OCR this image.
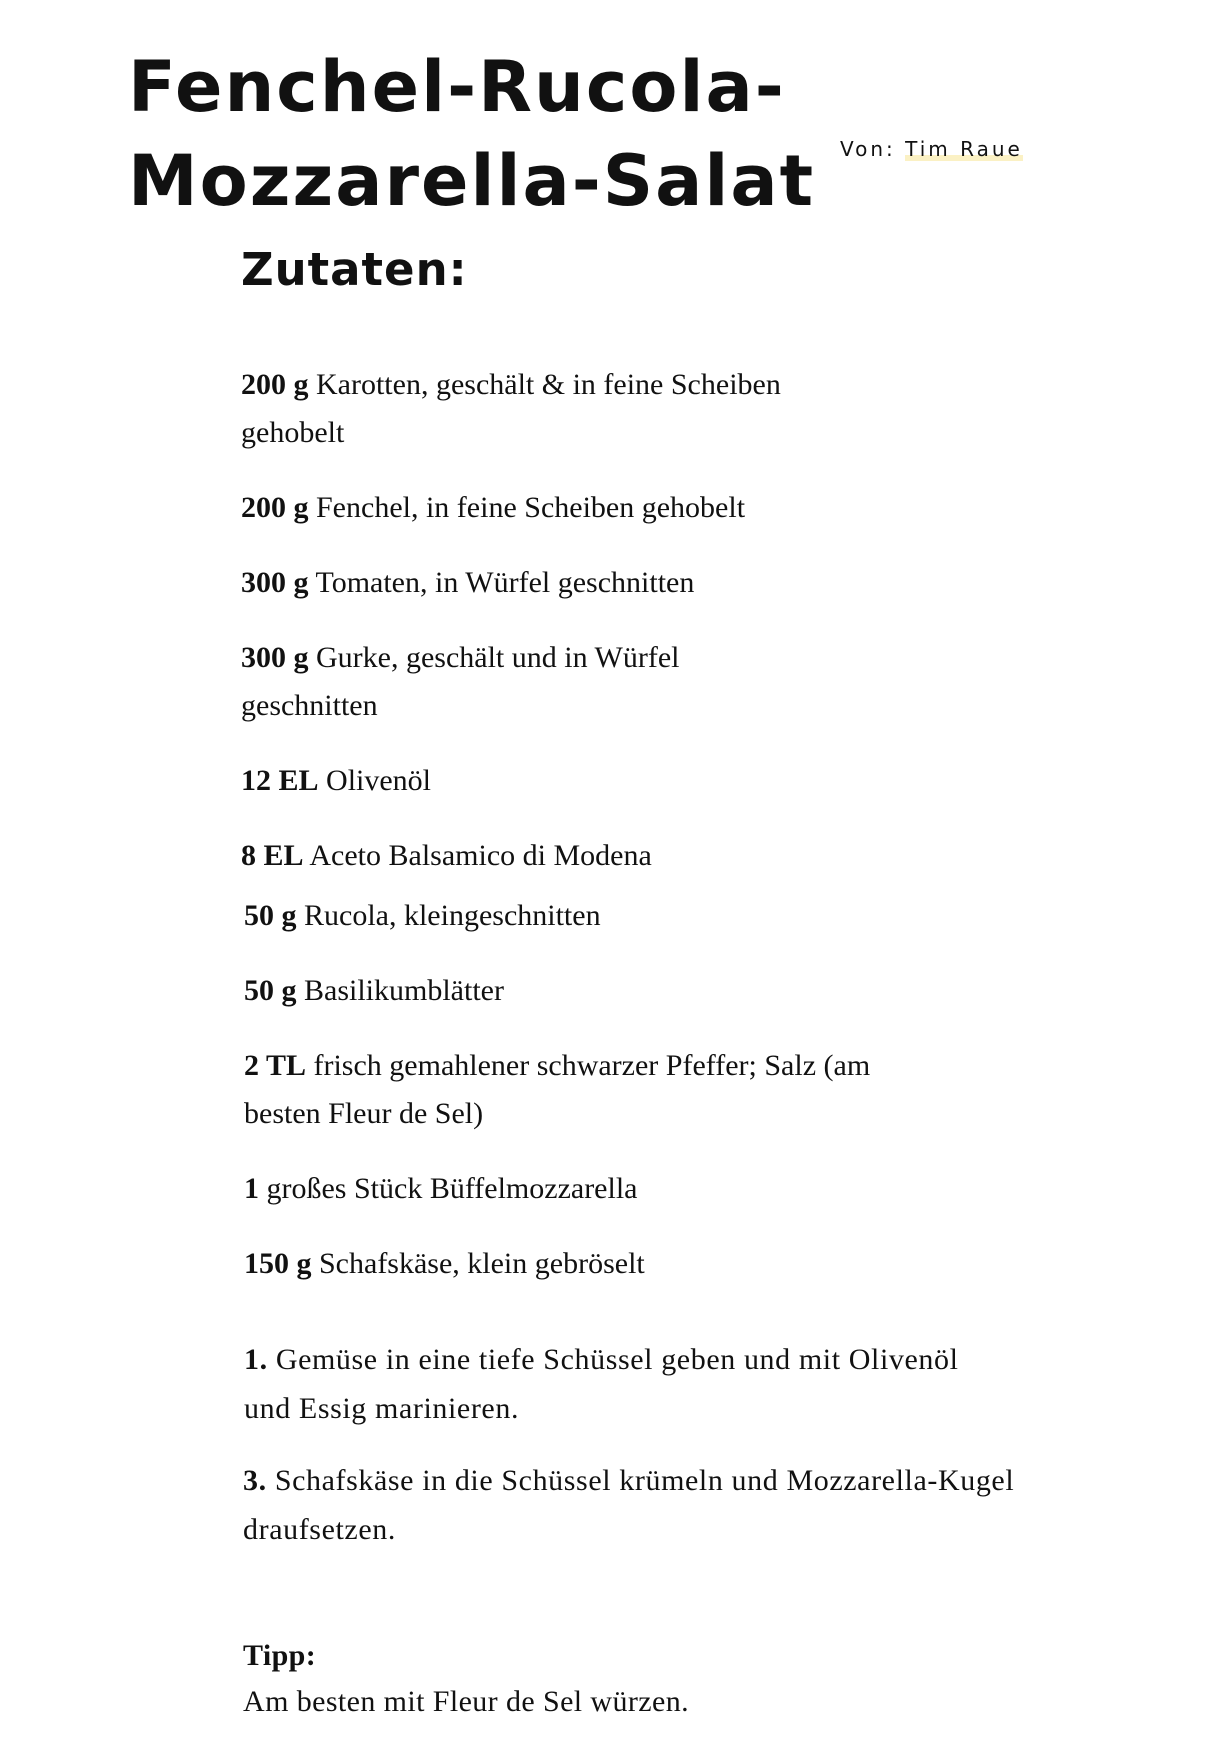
Fenchel-Rucola-
Mozzarella-Salat Von: Tim Raue
Zutaten:

200 g Karotten, geschält & in feine Scheiben gehobelt

200 g Fenchel, in feine Scheiben gehobelt

300 g Tomaten, in Würfel geschnitten

300 g Gurke, geschält und in Würfel geschnitten

12 EL Olivenöl

8 EL Aceto Balsamico di Modena

50 g Rucola, kleingeschnitten

50 g Basilikumblätter

2 TL frisch gemahlener schwarzer Pfeffer; Salz (am besten Fleur de Sel)

1 großes Stück Büffelmozzarella

150 g Schafskäse, klein gebröselt

1. Gemüse in eine tiefe Schüssel geben und mit Olivenöl und Essig marinieren.

3. Schafskäse in die Schüssel krümeln und Mozzarella-Kugel draufsetzen.

Tipp:
Am besten mit Fleur de Sel würzen.
